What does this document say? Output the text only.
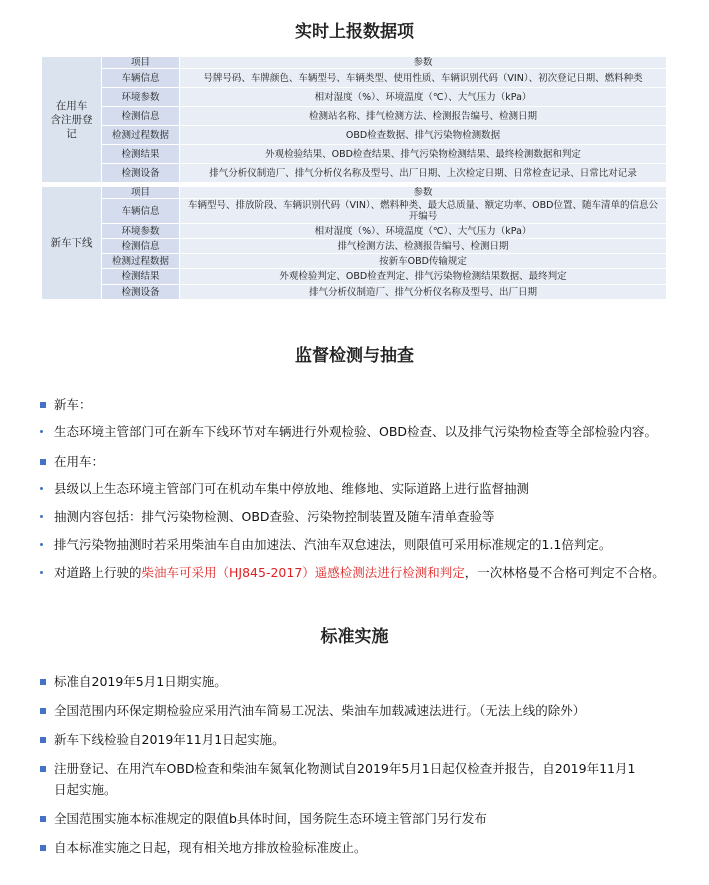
实时上报数据项
在用车
含注册登记	项目	参数
	车辆信息	号牌号码、车牌颜色、车辆型号、车辆类型、使用性质、车辆识别代码（VIN）、初次登记日期、燃料种类
	环境参数	相对湿度（%）、环境温度（℃）、大气压力（kPa）
	检测信息	检测站名称、排气检测方法、检测报告编号、检测日期
	检测过程数据	OBD检查数据、排气污染物检测数据
	检测结果	外观检验结果、OBD检查结果、排气污染物检测结果、最终检测数据和判定
	检测设备	排气分析仪制造厂、排气分析仪名称及型号、出厂日期、上次检定日期、日常检查记录、日常比对记录
新车下线	项目	参数
	车辆信息	车辆型号、排放阶段、车辆识别代码（VIN）、燃料种类、最大总质量、额定功率、OBD位置、随车清单的信息公开编号
	环境参数	相对湿度（%）、环境温度（℃）、大气压力（kPa）
	检测信息	排气检测方法、检测报告编号、检测日期
	检测过程数据	按新车OBD传输规定
	检测结果	外观检验判定、OBD检查判定、排气污染物检测结果数据、最终判定
	检测设备	排气分析仪制造厂、排气分析仪名称及型号、出厂日期
监督检测与抽查
新车：
生态环境主管部门可在新车下线环节对车辆进行外观检验、OBD检查、以及排气污染物检查等全部检验内容。
在用车：
县级以上生态环境主管部门可在机动车集中停放地、维修地、实际道路上进行监督抽测
抽测内容包括：排气污染物检测、OBD查验、污染物控制装置及随车清单查验等
排气污染物抽测时若采用柴油车自由加速法、汽油车双怠速法，则限值可采用标准规定的1.1倍判定。
对道路上行驶的柴油车可采用（HJ845-2017）遥感检测法进行检测和判定，一次林格曼不合格可判定不合格。
标准实施
标准自2019年5月1日期实施。
全国范围内环保定期检验应采用汽油车简易工况法、柴油车加载减速法进行。（无法上线的除外）
新车下线检验自2019年11月1日起实施。
注册登记、在用汽车OBD检查和柴油车氮氧化物测试自2019年5月1日起仅检查并报告，自2019年11月1
日起实施。
全国范围实施本标准规定的限值b具体时间，国务院生态环境主管部门另行发布
自本标准实施之日起，现有相关地方排放检验标准废止。
